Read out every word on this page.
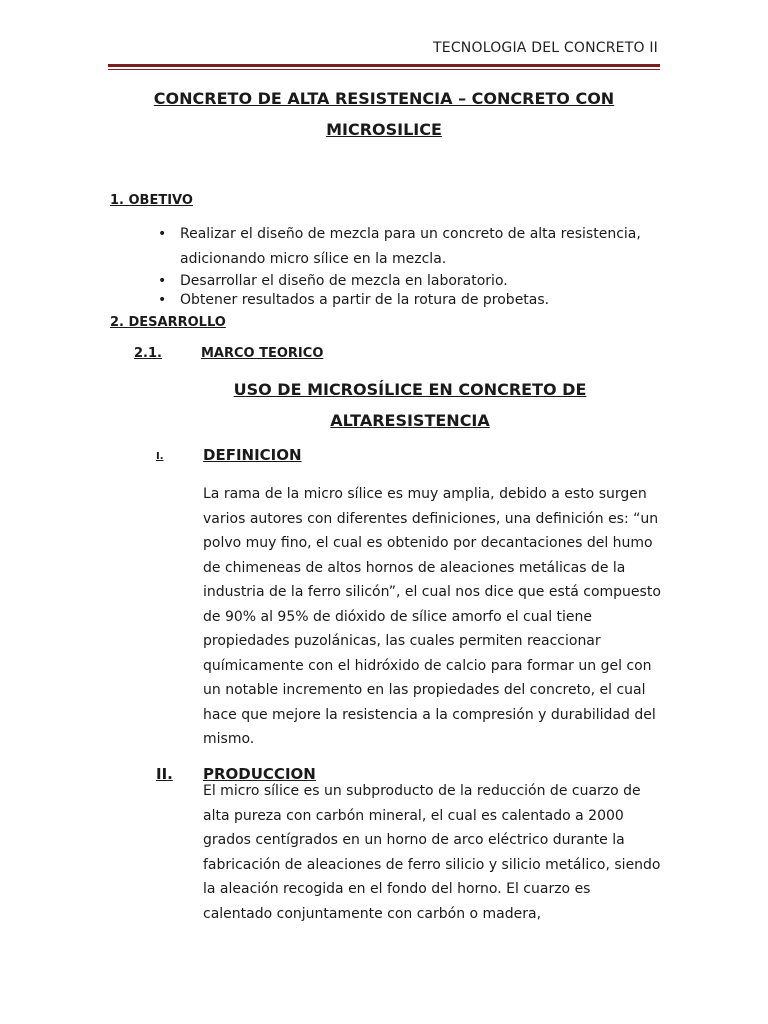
TECNOLOGIA DEL CONCRETO II
CONCRETO DE ALTA RESISTENCIA – CONCRETO CON
MICROSILICE
1. OBETIVO
• Realizar el diseño de mezcla para un concreto de alta resistencia, adicionando micro sílice en la mezcla.
• Desarrollar el diseño de mezcla en laboratorio.
• Obtener resultados a partir de la rotura de probetas.
2. DESARROLLO
2.1.	MARCO TEORICO
USO DE MICROSÍLICE EN CONCRETO DE
ALTARESISTENCIA
I.	DEFINICION

La rama de la micro sílice es muy amplia, debido a esto surgen varios autores con diferentes definiciones, una definición es: “un polvo muy fino, el cual es obtenido por decantaciones del humo de chimeneas de altos hornos de aleaciones metálicas de la industria de la ferro silicón”, el cual nos dice que está compuesto de 90% al 95% de dióxido de sílice amorfo el cual tiene propiedades puzolánicas, las cuales permiten reaccionar químicamente con el hidróxido de calcio para formar un gel con un notable incremento en las propiedades del concreto, el cual hace que mejore la resistencia a la compresión y durabilidad del mismo.

II. PRODUCCION

El micro sílice es un subproducto de la reducción de cuarzo de alta pureza con carbón mineral, el cual es calentado a 2000 grados centígrados en un horno de arco eléctrico durante la fabricación de aleaciones de ferro silicio y silicio metálico, siendo la aleación recogida en el fondo del horno. El cuarzo es calentado conjuntamente con carbón o madera,
